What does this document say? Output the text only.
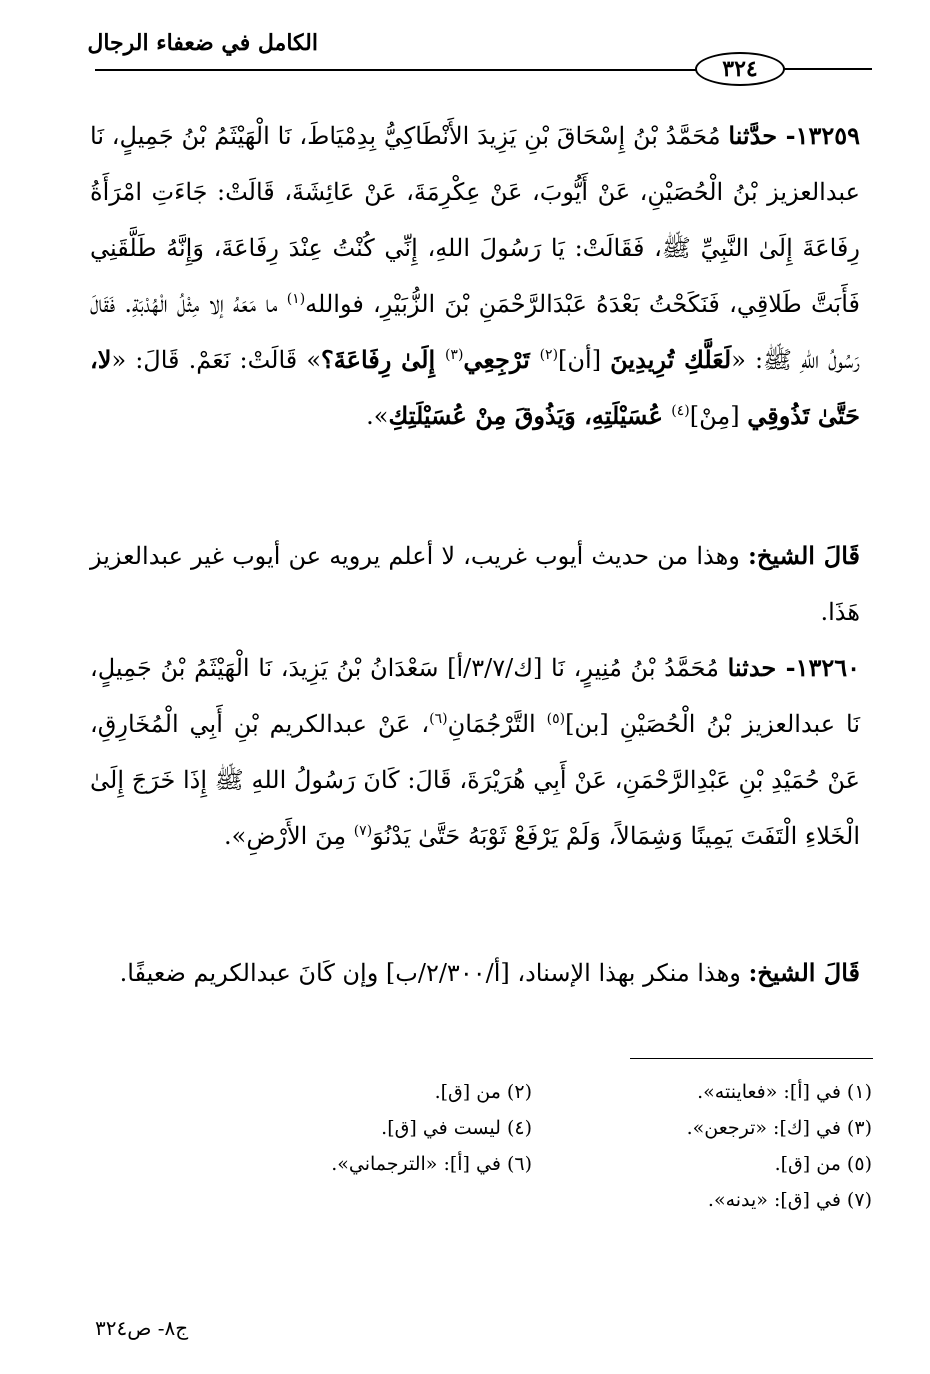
الكامل في ضعفاء الرجال
٣٢٤
١٣٢٥٩- حدَّثنا مُحَمَّدُ بْنُ إِسْحَاقَ بْنِ يَزِيدَ الأَنْطَاكِيُّ بِدِمْيَاطَ، نَا الْهَيْثَمُ بْنُ جَمِيلٍ، نَا عبدالعزيز بْنُ الْحُصَيْنِ، عَنْ أَيُّوبَ، عَنْ عِكْرِمَةَ، عَنْ عَائِشَةَ، قَالَتْ: جَاءَتِ امْرَأَةُ رِفَاعَةَ إِلَىٰ النَّبِيِّ ﷺ، فَقَالَتْ: يَا رَسُولَ اللهِ، إِنِّي كُنْتُ عِنْدَ رِفَاعَةَ، وَإِنَّهُ طَلَّقَنِي فَأَبَتَّ طَلاقِي، فَنَكَحْتُ بَعْدَهُ عَبْدَالرَّحْمَنِ بْنَ الزُّبَيْرِ، فوالله$^{(١)}$ ما مَعَهُ إلا مِثْلُ الْهُدْبَةِ. فَقَالَ رَسُولُ اللهِ ﷺ: «لَعَلَّكِ تُرِيدِينَ [أن]$^{(٢)}$ تَرْجِعِي$^{(٣)}$ إِلَىٰ رِفَاعَةَ؟» قَالَتْ: نَعَمْ. قَالَ: «لا، حَتَّىٰ تَذُوقِي [مِنْ]$^{(٤)}$ عُسَيْلَتِهِ، وَيَذُوقَ مِنْ عُسَيْلَتِكِ».
قَالَ الشيخ: وهذا من حديث أيوب غريب، لا أعلم يرويه عن أيوب غير عبدالعزيز هَذَا.
١٣٢٦٠- حدثنا مُحَمَّدُ بْنُ مُنِيرٍ، نَا [ك/٣/٧/أ] سَعْدَانُ بْنُ يَزِيدَ، نَا الْهَيْثَمُ بْنُ جَمِيلٍ، نَا عبدالعزيز بْنُ الْحُصَيْنِ [بن]$^{(٥)}$ التَّرْجُمَانِ$^{(٦)}$، عَنْ عبدالكريم بْنِ أَبِي الْمُخَارِقِ، عَنْ حُمَيْدِ بْنِ عَبْدِالرَّحْمَنِ، عَنْ أَبِي هُرَيْرَةَ، قَالَ: كَانَ رَسُولُ اللهِ ﷺ إِذَا خَرَجَ إِلَىٰ الْخَلاءِ الْتَفَتَ يَمِينًا وَشِمَالاً، وَلَمْ يَرْفَعْ ثَوْبَهُ حَتَّىٰ يَدْنُوَ$^{(٧)}$ مِنَ الأَرْضِ».
قَالَ الشيخ: وهذا منكر بهذا الإسناد، [أ/٢/٣٠٠/ب] وإن كَانَ عبدالكريم ضعيفًا.
(١) في [أ]: «فعاينته».
(٢) من [ق].
(٣) في [ك]: «ترجعن».
(٤) ليست في [ق].
(٥) من [ق].
(٦) في [أ]: «الترجماني».
(٧) في [ق]: «يدنه».
ج٨- ص٣٢٤
